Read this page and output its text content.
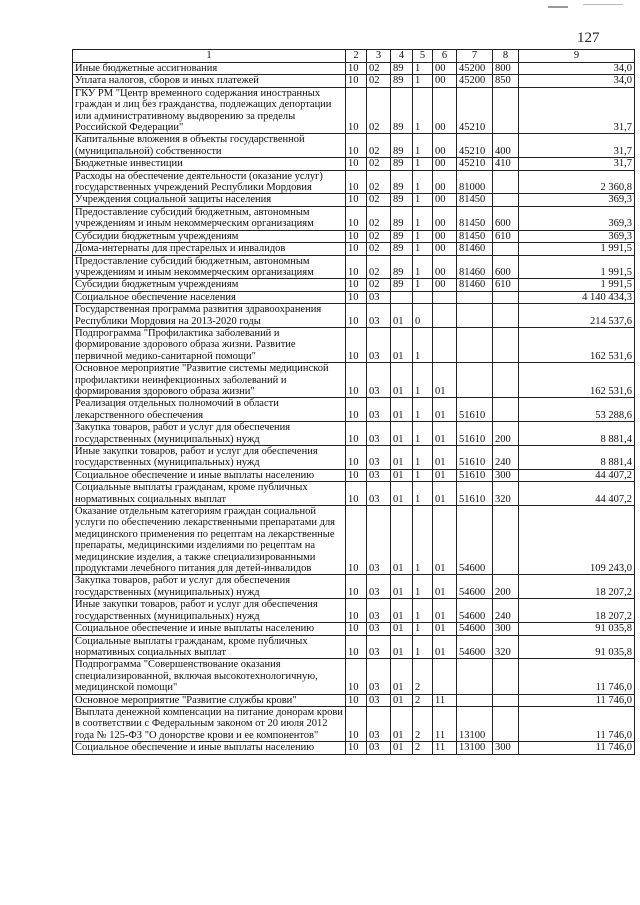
127
1	2	3	4	5	6	7	8	9
Иные бюджетные ассигнования	10	02	89	1	00	45200	800	34,0
Уплата налогов, сборов и иных платежей	10	02	89	1	00	45200	850	34,0
ГКУ РМ "Центр временного содержания иностранных граждан и лиц без гражданства, подлежащих депортации или административному выдворению за пределы Российской Федерации"	10	02	89	1	00	45210		31,7
Капитальные вложения в объекты государственной (муниципальной) собственности	10	02	89	1	00	45210	400	31,7
Бюджетные инвестиции	10	02	89	1	00	45210	410	31,7
Расходы на обеспечение деятельности (оказание услуг) государственных учреждений Республики Мордовия	10	02	89	1	00	81000		2 360,8
Учреждения социальной защиты населения	10	02	89	1	00	81450		369,3
Предоставление субсидий бюджетным, автономным учреждениям и иным некоммерческим организациям	10	02	89	1	00	81450	600	369,3
Субсидии бюджетным учреждениям	10	02	89	1	00	81450	610	369,3
Дома-интернаты для престарелых и инвалидов	10	02	89	1	00	81460		1 991,5
Предоставление субсидий бюджетным, автономным учреждениям и иным некоммерческим организациям	10	02	89	1	00	81460	600	1 991,5
Субсидии бюджетным учреждениям	10	02	89	1	00	81460	610	1 991,5
Социальное обеспечение населения	10	03						4 140 434,3
Государственная программа развития здравоохранения Республики Мордовия на 2013-2020 годы	10	03	01	0				214 537,6
Подпрограмма "Профилактика заболеваний и формирование здорового образа жизни. Развитие первичной медико-санитарной помощи"	10	03	01	1				162 531,6
Основное мероприятие "Развитие системы медицинской профилактики неинфекционных заболеваний и формирования здорового образа жизни"	10	03	01	1	01			162 531,6
Реализация отдельных полномочий в области лекарственного обеспечения	10	03	01	1	01	51610		53 288,6
Закупка товаров, работ и услуг для обеспечения государственных (муниципальных) нужд	10	03	01	1	01	51610	200	8 881,4
Иные закупки товаров, работ и услуг для обеспечения государственных (муниципальных) нужд	10	03	01	1	01	51610	240	8 881,4
Социальное обеспечение и иные выплаты населению	10	03	01	1	01	51610	300	44 407,2
Социальные выплаты гражданам, кроме публичных нормативных социальных выплат	10	03	01	1	01	51610	320	44 407,2
Оказание отдельным категориям граждан социальной услуги по обеспечению лекарственными препаратами для медицинского применения по рецептам на лекарственные препараты, медицинскими изделиями по рецептам на медицинские изделия, а также специализированными продуктами лечебного питания для детей-инвалидов	10	03	01	1	01	54600		109 243,0
Закупка товаров, работ и услуг для обеспечения государственных (муниципальных) нужд	10	03	01	1	01	54600	200	18 207,2
Иные закупки товаров, работ и услуг для обеспечения государственных (муниципальных) нужд	10	03	01	1	01	54600	240	18 207,2
Социальное обеспечение и иные выплаты населению	10	03	01	1	01	54600	300	91 035,8
Социальные выплаты гражданам, кроме публичных нормативных социальных выплат	10	03	01	1	01	54600	320	91 035,8
Подпрограмма "Совершенствование оказания специализированной, включая высокотехнологичную, медицинской помощи"	10	03	01	2				11 746,0
Основное мероприятие "Развитие службы крови"	10	03	01	2	11			11 746,0
Выплата денежной компенсации на питание донорам крови в соответствии с Федеральным законом от 20 июля 2012 года № 125-ФЗ "О донорстве крови и ее компонентов"	10	03	01	2	11	13100		11 746,0
Социальное обеспечение и иные выплаты населению	10	03	01	2	11	13100	300	11 746,0
